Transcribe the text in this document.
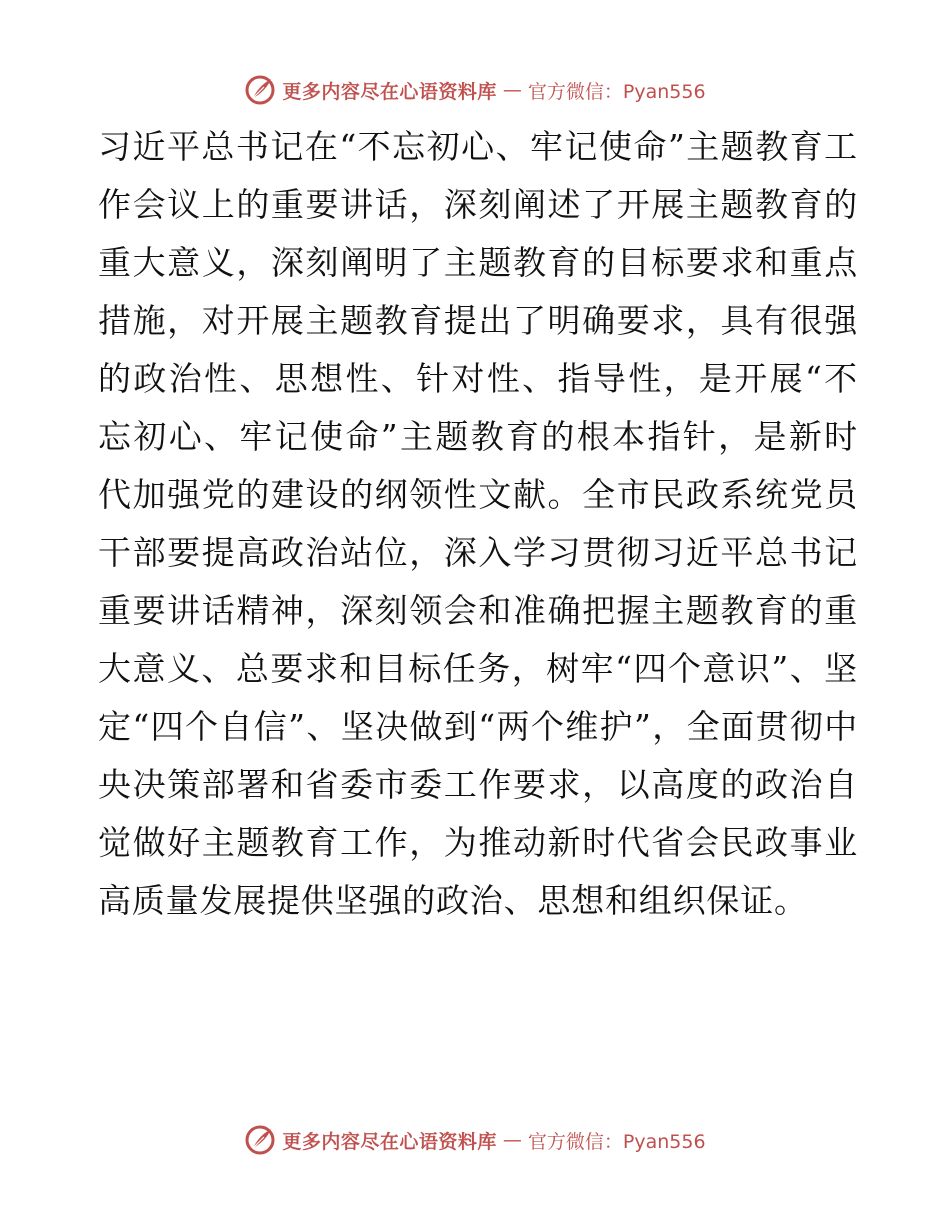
更多内容尽在心语资料库 — 官方微信：Pyan556

习近平总书记在“不忘初心、牢记使命”主题教育工作会议上的重要讲话，深刻阐述了开展主题教育的重大意义，深刻阐明了主题教育的目标要求和重点措施，对开展主题教育提出了明确要求，具有很强的政治性、思想性、针对性、指导性，是开展“不忘初心、牢记使命”主题教育的根本指针，是新时代加强党的建设的纲领性文献。全市民政系统党员干部要提高政治站位，深入学习贯彻习近平总书记重要讲话精神，深刻领会和准确把握主题教育的重大意义、总要求和目标任务，树牢“四个意识”、坚定“四个自信”、坚决做到“两个维护”，全面贯彻中央决策部署和省委市委工作要求，以高度的政治自觉做好主题教育工作，为推动新时代省会民政事业高质量发展提供坚强的政治、思想和组织保证。

更多内容尽在心语资料库 — 官方微信：Pyan556
